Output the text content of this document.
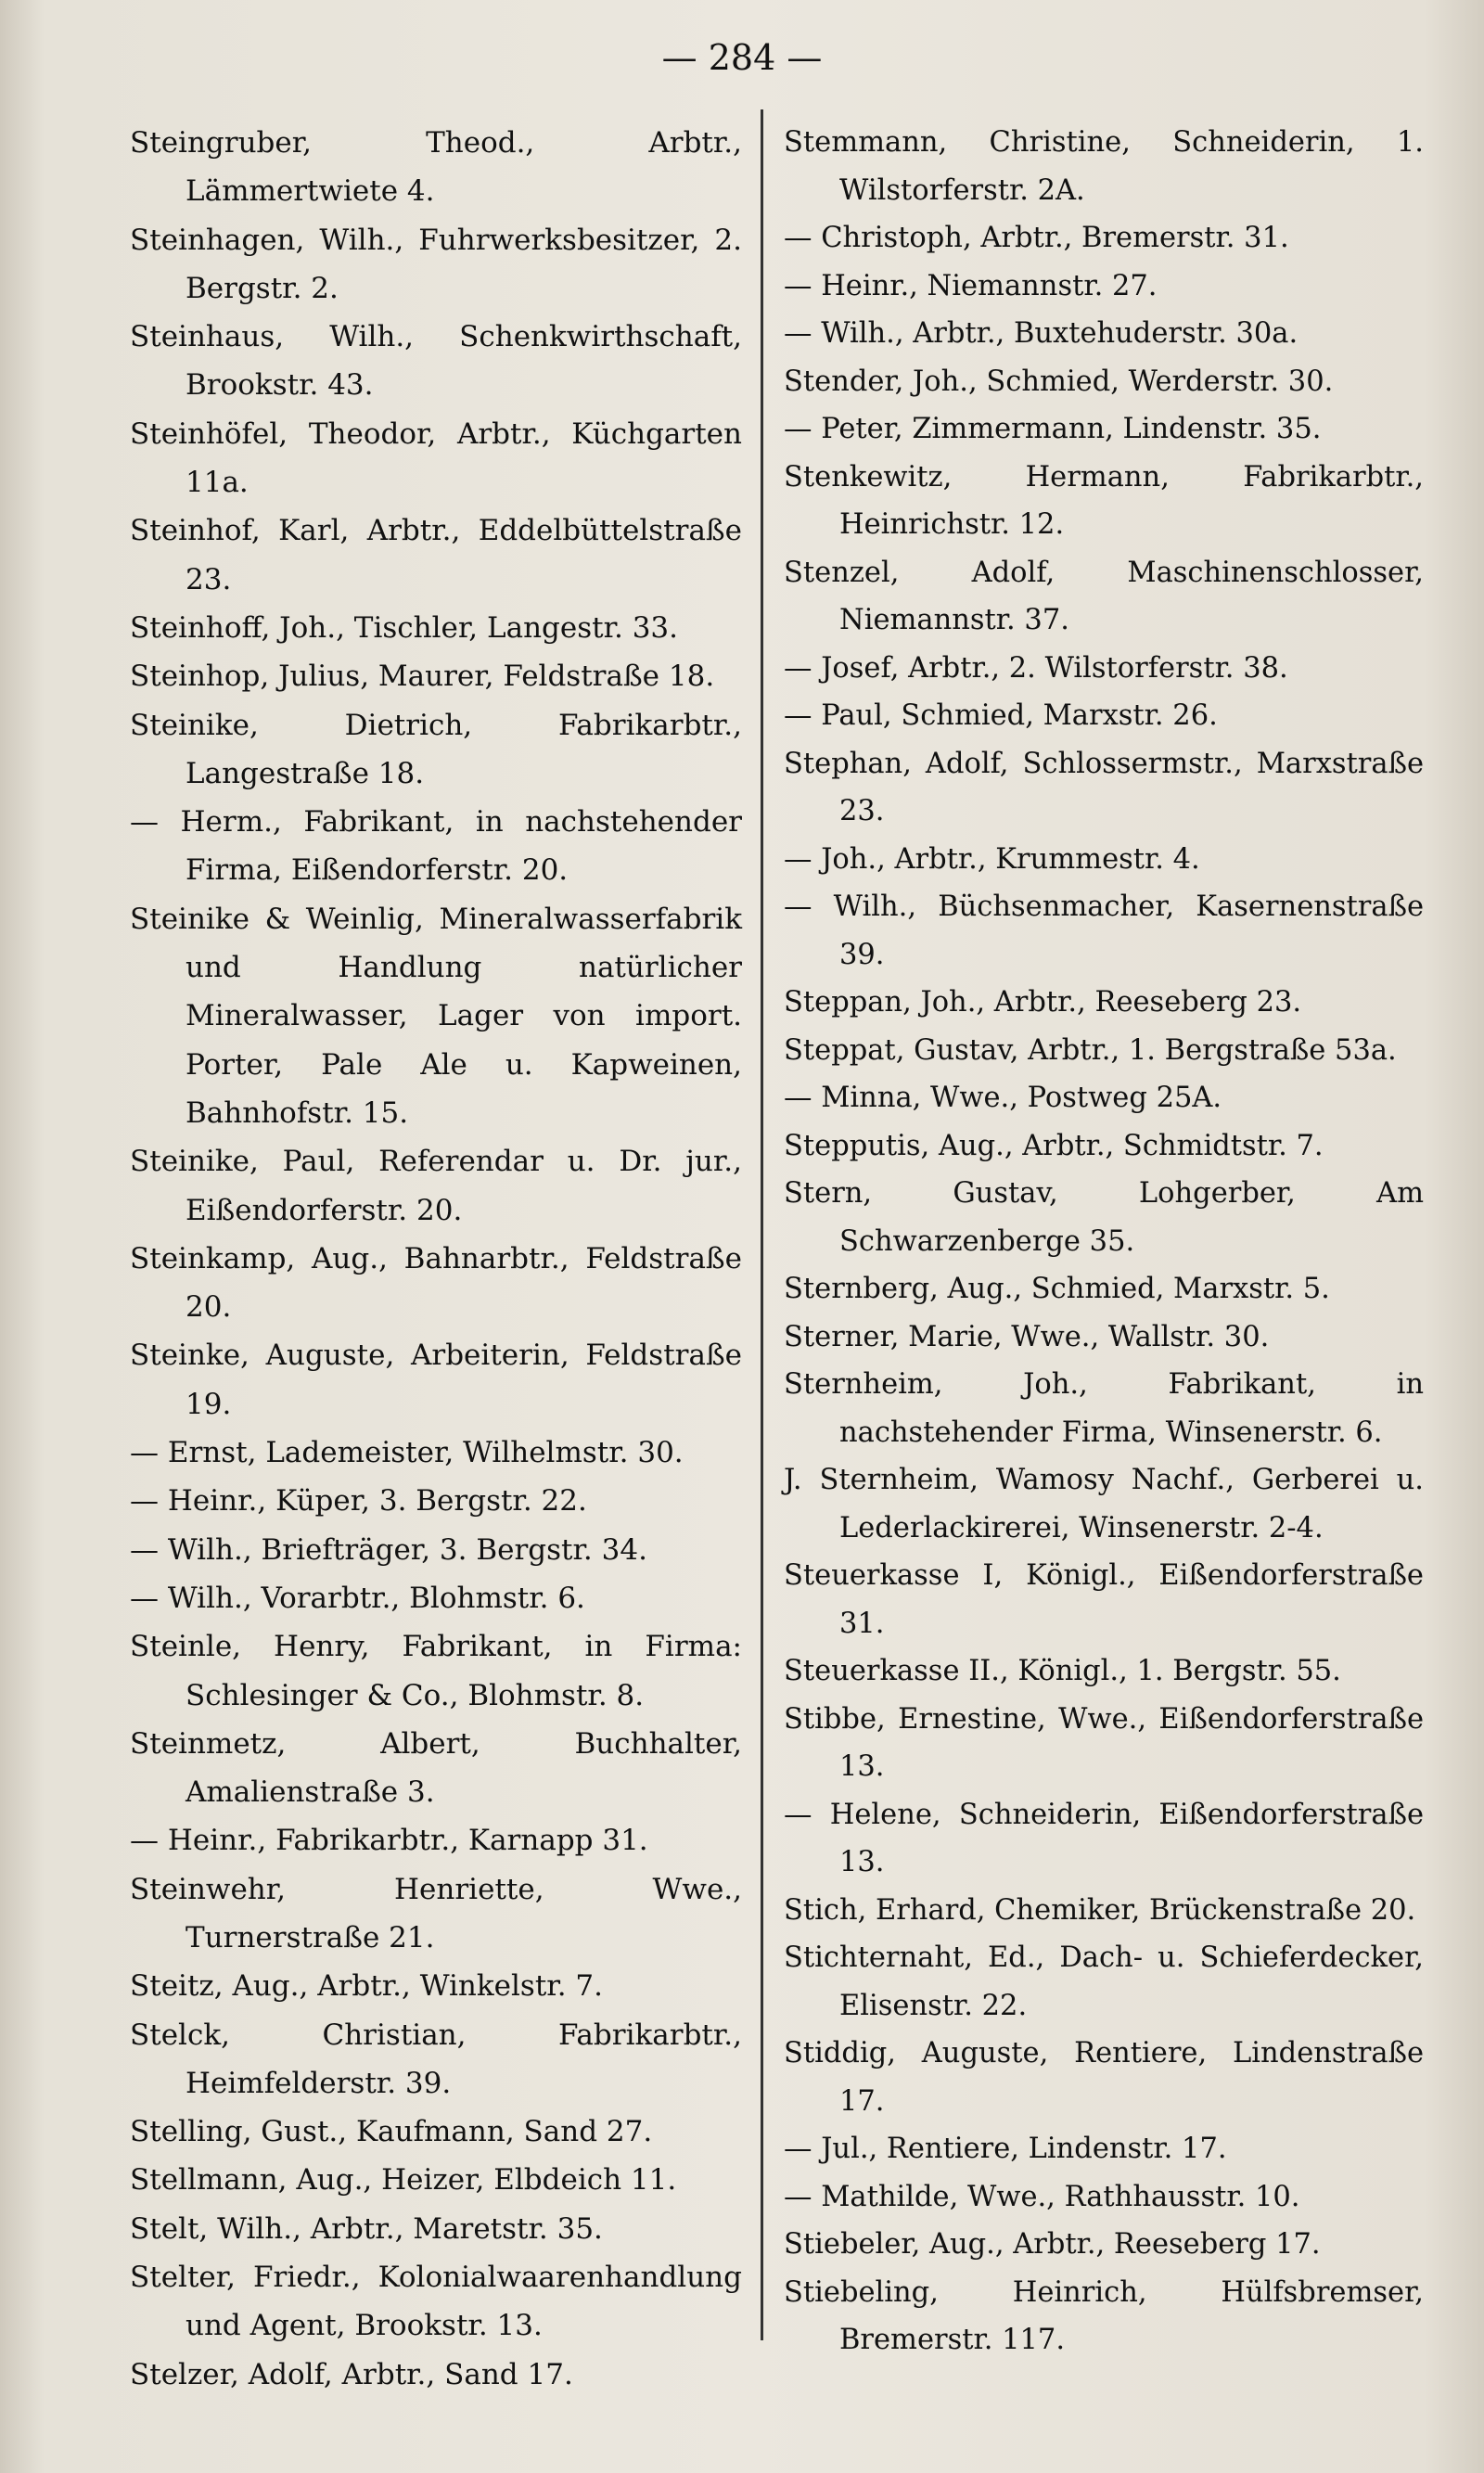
— 284 —

Steingruber, Theod., Arbtr., Lämmertwiete 4.

Steinhagen, Wilh., Fuhrwerksbesitzer, 2. Bergstr. 2.

Steinhaus, Wilh., Schenkwirthschaft, Brookstr. 43.

Steinhöfel, Theodor, Arbtr., Küchgarten 11a.

Steinhof, Karl, Arbtr., Eddelbüttelstraße 23.

Steinhoff, Joh., Tischler, Langestr. 33.

Steinhop, Julius, Maurer, Feldstraße 18.

Steinike, Dietrich, Fabrikarbtr., Langestraße 18.

— Herm., Fabrikant, in nachstehender Firma, Eißendorferstr. 20.

Steinike & Weinlig, Mineralwasserfabrik und Handlung natürlicher Mineralwasser, Lager von import. Porter, Pale Ale u. Kapweinen, Bahnhofstr. 15.

Steinike, Paul, Referendar u. Dr. jur., Eißendorferstr. 20.

Steinkamp, Aug., Bahnarbtr., Feldstraße 20.

Steinke, Auguste, Arbeiterin, Feldstraße 19.

— Ernst, Lademeister, Wilhelmstr. 30.

— Heinr., Küper, 3. Bergstr. 22.

— Wilh., Briefträger, 3. Bergstr. 34.

— Wilh., Vorarbtr., Blohmstr. 6.

Steinle, Henry, Fabrikant, in Firma: Schlesinger & Co., Blohmstr. 8.

Steinmetz, Albert, Buchhalter, Amalienstraße 3.

— Heinr., Fabrikarbtr., Karnapp 31.

Steinwehr, Henriette, Wwe., Turnerstraße 21.

Steitz, Aug., Arbtr., Winkelstr. 7.

Stelck, Christian, Fabrikarbtr., Heimfelderstr. 39.

Stelling, Gust., Kaufmann, Sand 27.

Stellmann, Aug., Heizer, Elbdeich 11.

Stelt, Wilh., Arbtr., Maretstr. 35.

Stelter, Friedr., Kolonialwaarenhandlung und Agent, Brookstr. 13.

Stelzer, Adolf, Arbtr., Sand 17.

Stemmann, Christine, Schneiderin, 1. Wilstorferstr. 2A.

— Christoph, Arbtr., Bremerstr. 31.

— Heinr., Niemannstr. 27.

— Wilh., Arbtr., Buxtehuderstr. 30a.

Stender, Joh., Schmied, Werderstr. 30.

— Peter, Zimmermann, Lindenstr. 35.

Stenkewitz, Hermann, Fabrikarbtr., Heinrichstr. 12.

Stenzel, Adolf, Maschinenschlosser, Niemannstr. 37.

— Josef, Arbtr., 2. Wilstorferstr. 38.

— Paul, Schmied, Marxstr. 26.

Stephan, Adolf, Schlossermstr., Marxstraße 23.

— Joh., Arbtr., Krummestr. 4.

— Wilh., Büchsenmacher, Kasernenstraße 39.

Steppan, Joh., Arbtr., Reeseberg 23.

Steppat, Gustav, Arbtr., 1. Bergstraße 53a.

— Minna, Wwe., Postweg 25A.

Stepputis, Aug., Arbtr., Schmidtstr. 7.

Stern, Gustav, Lohgerber, Am Schwarzenberge 35.

Sternberg, Aug., Schmied, Marxstr. 5.

Sterner, Marie, Wwe., Wallstr. 30.

Sternheim, Joh., Fabrikant, in nachstehender Firma, Winsenerstr. 6.

J. Sternheim, Wamosy Nachf., Gerberei u. Lederlackirerei, Winsenerstr. 2-4.

Steuerkasse I, Königl., Eißendorferstraße 31.

Steuerkasse II., Königl., 1. Bergstr. 55.

Stibbe, Ernestine, Wwe., Eißendorferstraße 13.

— Helene, Schneiderin, Eißendorferstraße 13.

Stich, Erhard, Chemiker, Brückenstraße 20.

Stichternaht, Ed., Dach- u. Schieferdecker, Elisenstr. 22.

Stiddig, Auguste, Rentiere, Lindenstraße 17.

— Jul., Rentiere, Lindenstr. 17.

— Mathilde, Wwe., Rathhausstr. 10.

Stiebeler, Aug., Arbtr., Reeseberg 17.

Stiebeling, Heinrich, Hülfsbremser, Bremerstr. 117.
